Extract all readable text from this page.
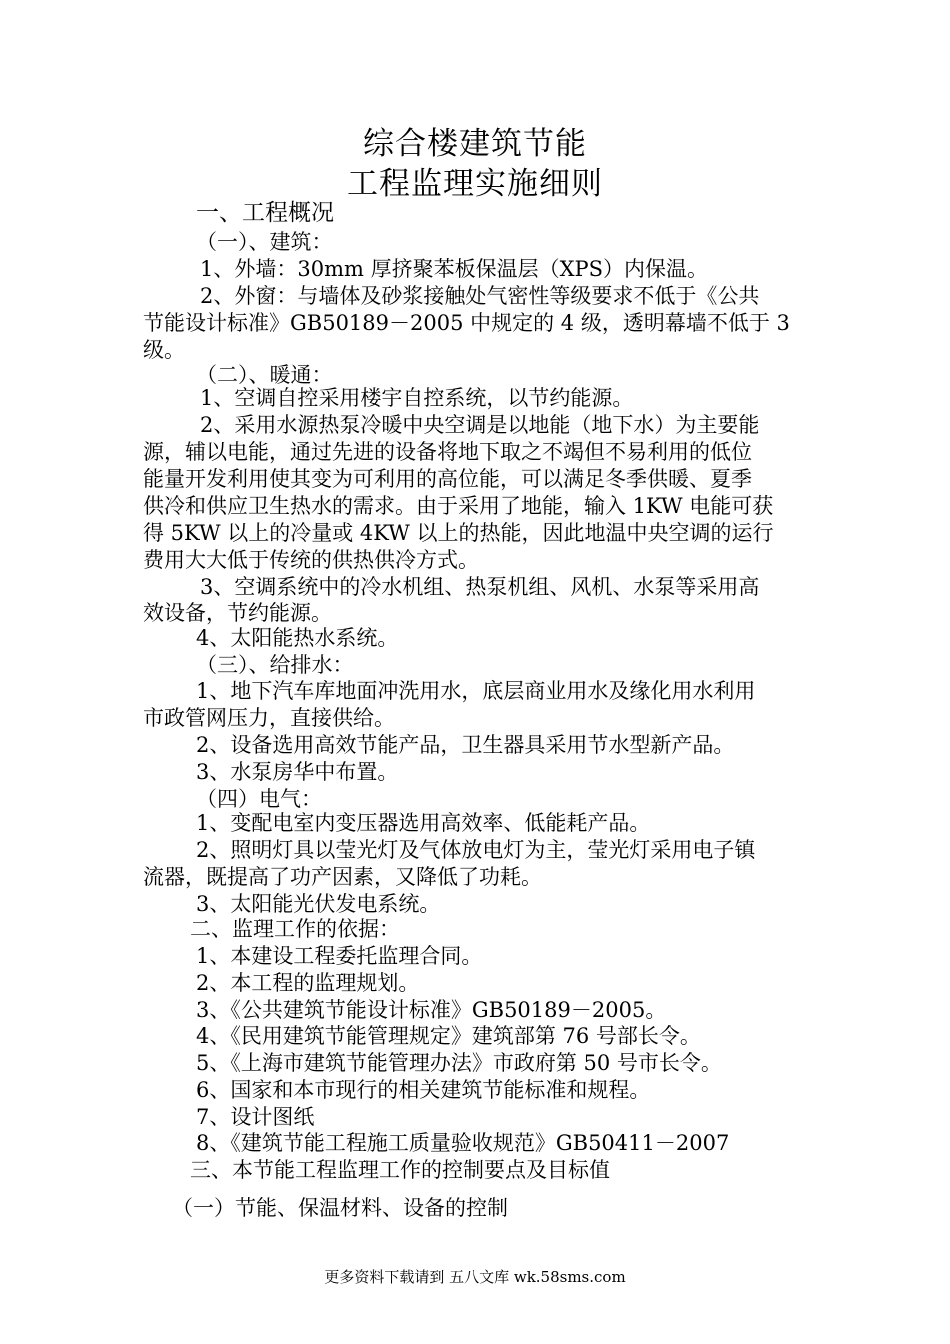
综合楼建筑节能
工程监理实施细则
一、工程概况
（一）、建筑：
1、外墙：30mm 厚挤聚苯板保温层（XPS）内保温。
2、外窗：与墙体及砂浆接触处气密性等级要求不低于《公共
节能设计标准》GB50189－2005 中规定的 4 级，透明幕墙不低于 3
级。
（二）、暖通：
1、空调自控采用楼宇自控系统，以节约能源。
2、采用水源热泵冷暖中央空调是以地能（地下水）为主要能
源，辅以电能，通过先进的设备将地下取之不竭但不易利用的低位
能量开发利用使其变为可利用的高位能，可以满足冬季供暖、夏季
供冷和供应卫生热水的需求。由于采用了地能，输入 1KW 电能可获
得 5KW 以上的冷量或 4KW 以上的热能，因此地温中央空调的运行
费用大大低于传统的供热供冷方式。
3、空调系统中的冷水机组、热泵机组、风机、水泵等采用高
效设备，节约能源。
4、太阳能热水系统。
（三）、给排水：
1、地下汽车库地面冲洗用水，底层商业用水及缘化用水利用
市政管网压力，直接供给。
2、设备选用高效节能产品，卫生器具采用节水型新产品。
3、水泵房华中布置。
（四）电气：
1、变配电室内变压器选用高效率、低能耗产品。
2、照明灯具以莹光灯及气体放电灯为主，莹光灯采用电子镇
流器，既提高了功产因素，又降低了功耗。
3、太阳能光伏发电系统。
二、监理工作的依据：
1、本建设工程委托监理合同。
2、本工程的监理规划。
3、《公共建筑节能设计标准》GB50189－2005。
4、《民用建筑节能管理规定》建筑部第 76 号部长令。
5、《上海市建筑节能管理办法》市政府第 50 号市长令。
6、国家和本市现行的相关建筑节能标准和规程。
7、设计图纸
8、《建筑节能工程施工质量验收规范》GB50411－2007
三、本节能工程监理工作的控制要点及目标值
（一）节能、保温材料、设备的控制
更多资料下载请到 五八文库 wk.58sms.com
